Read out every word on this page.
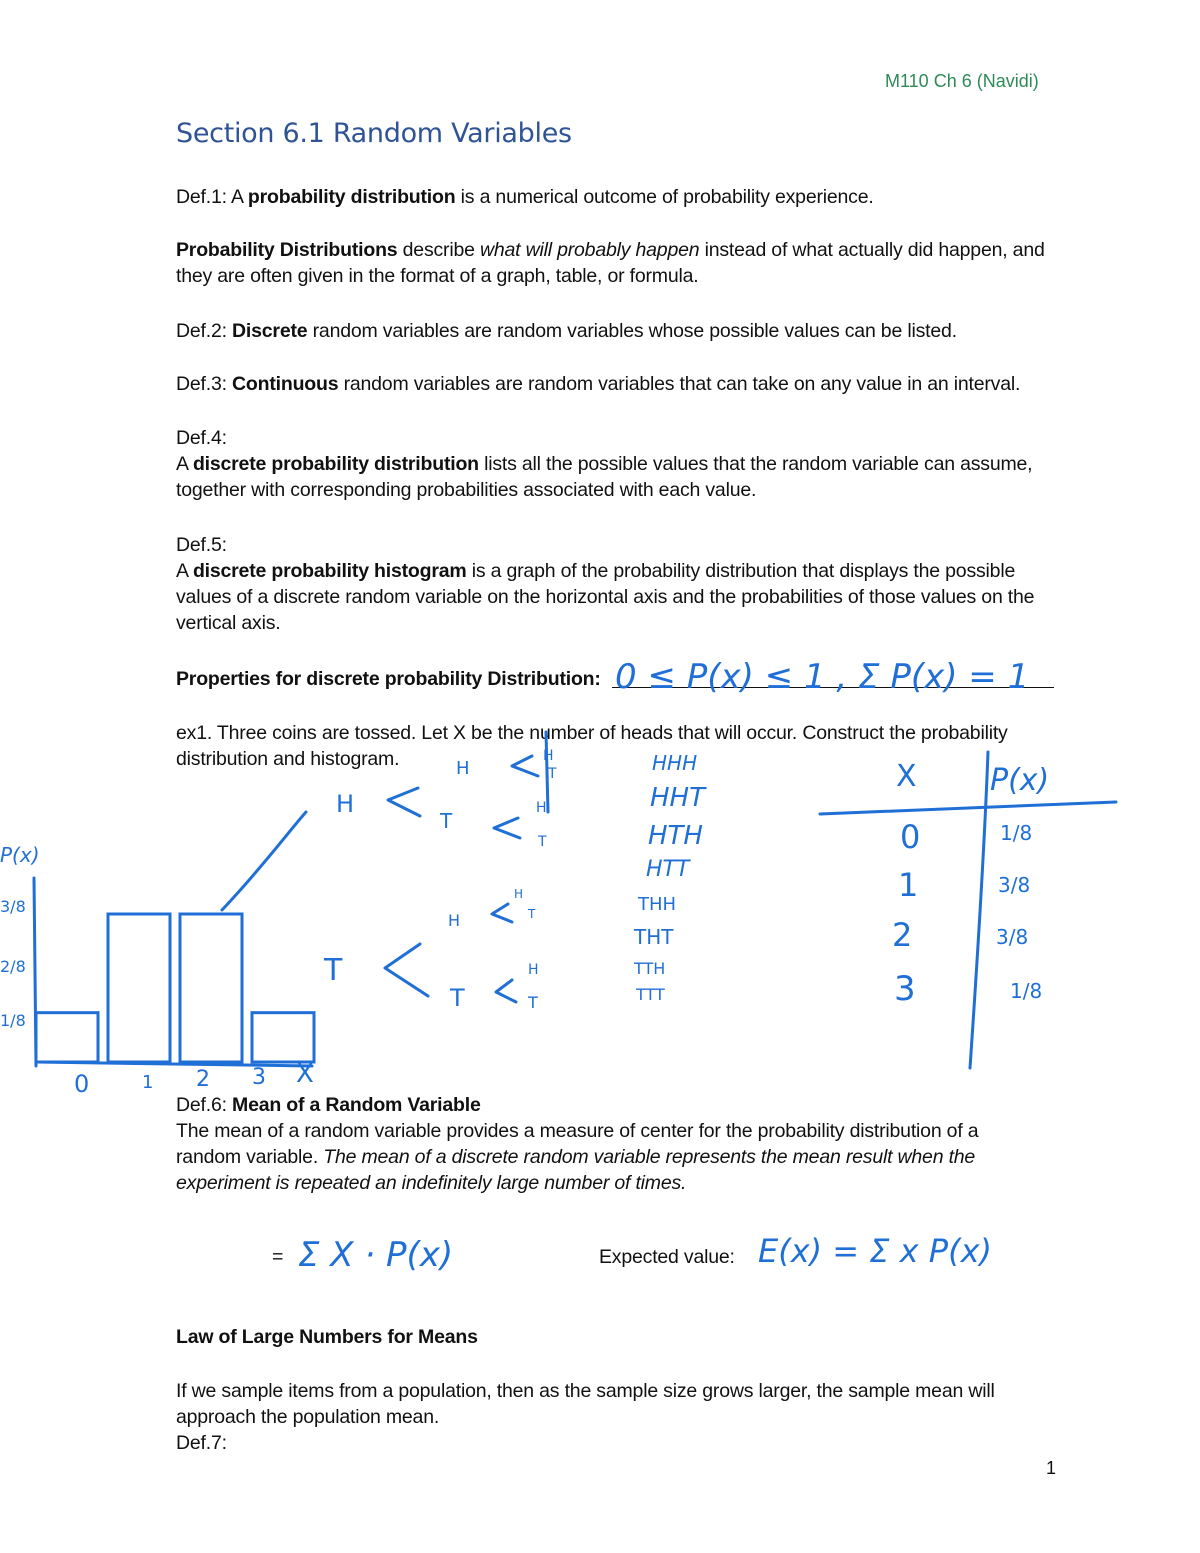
M110 Ch 6 (Navidi)
Section 6.1 Random Variables
Def.1: A probability distribution is a numerical outcome of probability experience.
Probability Distributions describe what will probably happen instead of what actually did happen, and
they are often given in the format of a graph, table, or formula.
Def.2: Discrete random variables are random variables whose possible values can be listed.
Def.3: Continuous random variables are random variables that can take on any value in an interval.
Def.4:
A discrete probability distribution lists all the possible values that the random variable can assume,
together with corresponding probabilities associated with each value.
Def.5:
A discrete probability histogram is a graph of the probability distribution that displays the possible
values of a discrete random variable on the horizontal axis and the probabilities of those values on the
vertical axis.
Properties for discrete probability Distribution:
ex1. Three coins are tossed. Let X be the number of heads that will occur. Construct the probability
distribution and histogram.
Def.6: Mean of a Random Variable
The mean of a random variable provides a measure of center for the probability distribution of a
random variable. The mean of a discrete random variable represents the mean result when the
experiment is repeated an indefinitely large number of times.
=	Expected value:
Law of Large Numbers for Means
If we sample items from a population, then as the sample size grows larger, the sample mean will
approach the population mean.
Def.7:
1
0 ≤ P(x) ≤ 1 , Σ P(x) = 1
H
T
H
T
H
T
H
T
H
T
H
T
H
T
HHH
HHT
HTH
HTT
THH
THT
TTH
TTT
X P(x)
0	1/8
1	3/8
2	3/8
3	1/8
P(x)
3/8
2/8
1/8
0	1 2 3 X
Σ X · P(x)	E(x) = Σ x P(x)
